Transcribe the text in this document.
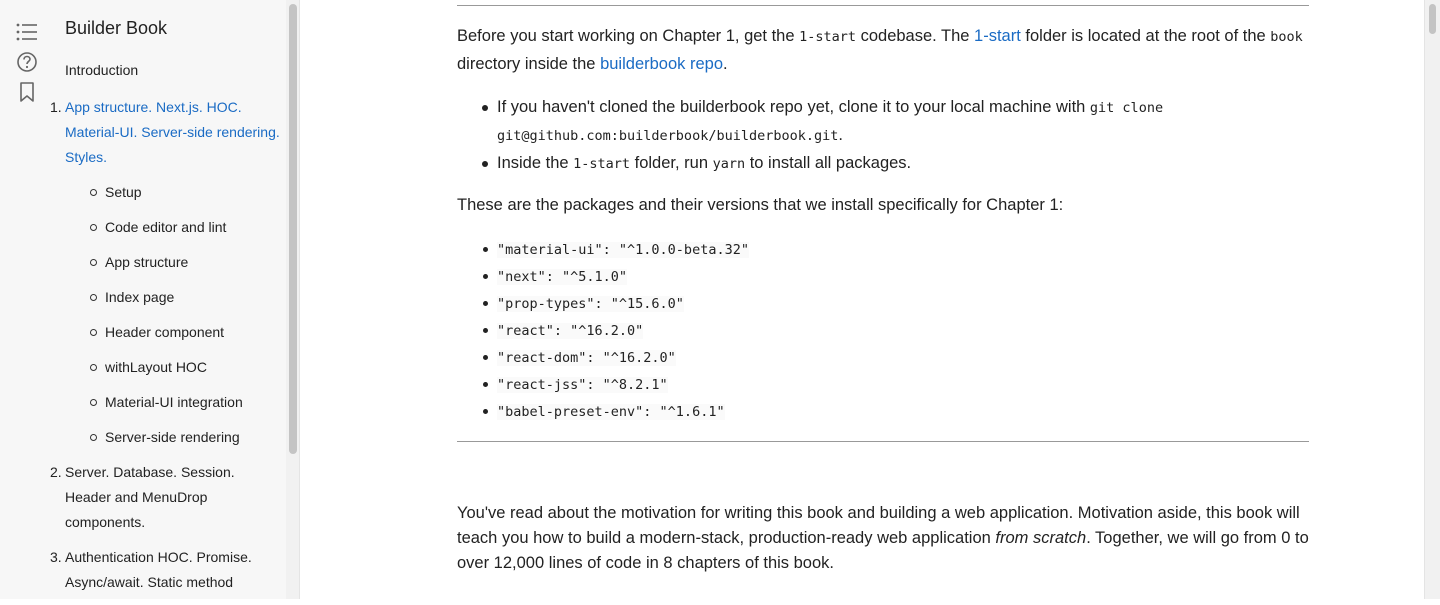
Builder Book
Introduction
1. App structure. Next.js. HOC. Material-UI. Server-side rendering. Styles.
Setup
Code editor and lint
App structure
Index page
Header component
withLayout HOC
Material-UI integration
Server-side rendering
2. Server. Database. Session. Header and MenuDrop components.
3. Authentication HOC. Promise. Async/await. Static method

Before you start working on Chapter 1, get the 1-start codebase. The 1-start folder is located at the root of the book directory inside the builderbook repo.

If you haven't cloned the builderbook repo yet, clone it to your local machine with git clone git@github.com:builderbook/builderbook.git.
Inside the 1-start folder, run yarn to install all packages.

These are the packages and their versions that we install specifically for Chapter 1:

"material-ui": "^1.0.0-beta.32"
"next": "^5.1.0"
"prop-types": "^15.6.0"
"react": "^16.2.0"
"react-dom": "^16.2.0"
"react-jss": "^8.2.1"
"babel-preset-env": "^1.6.1"

You've read about the motivation for writing this book and building a web application. Motivation aside, this book will teach you how to build a modern-stack, production-ready web application from scratch. Together, we will go from 0 to over 12,000 lines of code in 8 chapters of this book.
